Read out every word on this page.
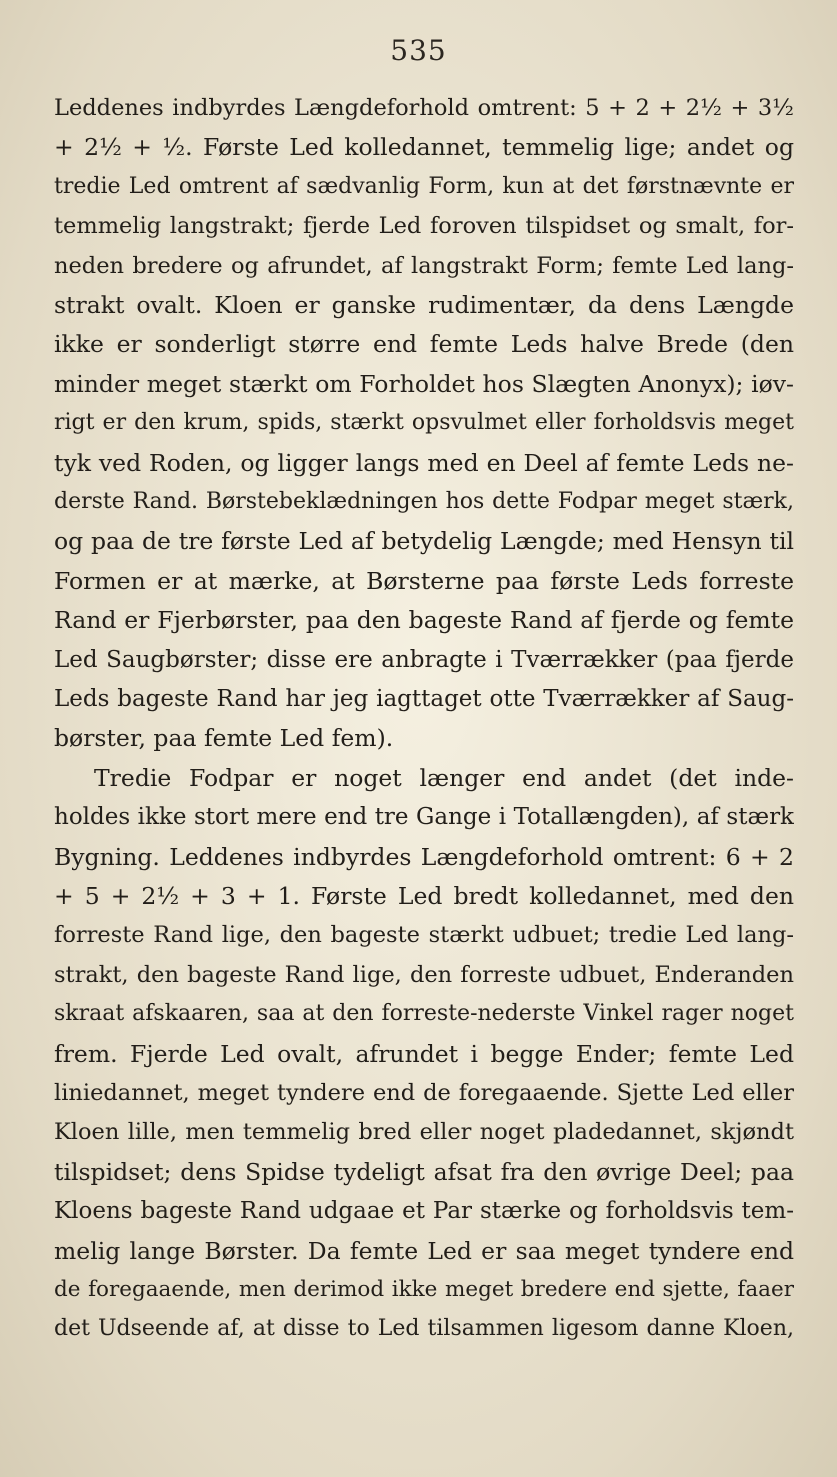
535
Leddenes indbyrdes Længdeforhold omtrent: 5 + 2 + 2½ + 3½
+ 2½ + ½. Første Led kolledannet, temmelig lige; andet og
tredie Led omtrent af sædvanlig Form, kun at det førstnævnte er
temmelig langstrakt; fjerde Led foroven tilspidset og smalt, for-
neden bredere og afrundet, af langstrakt Form; femte Led lang-
strakt ovalt. Kloen er ganske rudimentær, da dens Længde
ikke er sonderligt større end femte Leds halve Brede (den
minder meget stærkt om Forholdet hos Slægten Anonyx); iøv-
rigt er den krum, spids, stærkt opsvulmet eller forholdsvis meget
tyk ved Roden, og ligger langs med en Deel af femte Leds ne-
derste Rand. Børstebeklædningen hos dette Fodpar meget stærk,
og paa de tre første Led af betydelig Længde; med Hensyn til
Formen er at mærke, at Børsterne paa første Leds forreste
Rand er Fjerbørster, paa den bageste Rand af fjerde og femte
Led Saugbørster; disse ere anbragte i Tværrækker (paa fjerde
Leds bageste Rand har jeg iagttaget otte Tværrækker af Saug-
børster, paa femte Led fem).
Tredie Fodpar er noget længer end andet (det inde-
holdes ikke stort mere end tre Gange i Totallængden), af stærk
Bygning. Leddenes indbyrdes Længdeforhold omtrent: 6 + 2
+ 5 + 2½ + 3 + 1. Første Led bredt kolledannet, med den
forreste Rand lige, den bageste stærkt udbuet; tredie Led lang-
strakt, den bageste Rand lige, den forreste udbuet, Enderanden
skraat afskaaren, saa at den forreste-nederste Vinkel rager noget
frem. Fjerde Led ovalt, afrundet i begge Ender; femte Led
liniedannet, meget tyndere end de foregaaende. Sjette Led eller
Kloen lille, men temmelig bred eller noget pladedannet, skjøndt
tilspidset; dens Spidse tydeligt afsat fra den øvrige Deel; paa
Kloens bageste Rand udgaae et Par stærke og forholdsvis tem-
melig lange Børster. Da femte Led er saa meget tyndere end
de foregaaende, men derimod ikke meget bredere end sjette, faaer
det Udseende af, at disse to Led tilsammen ligesom danne Kloen,
